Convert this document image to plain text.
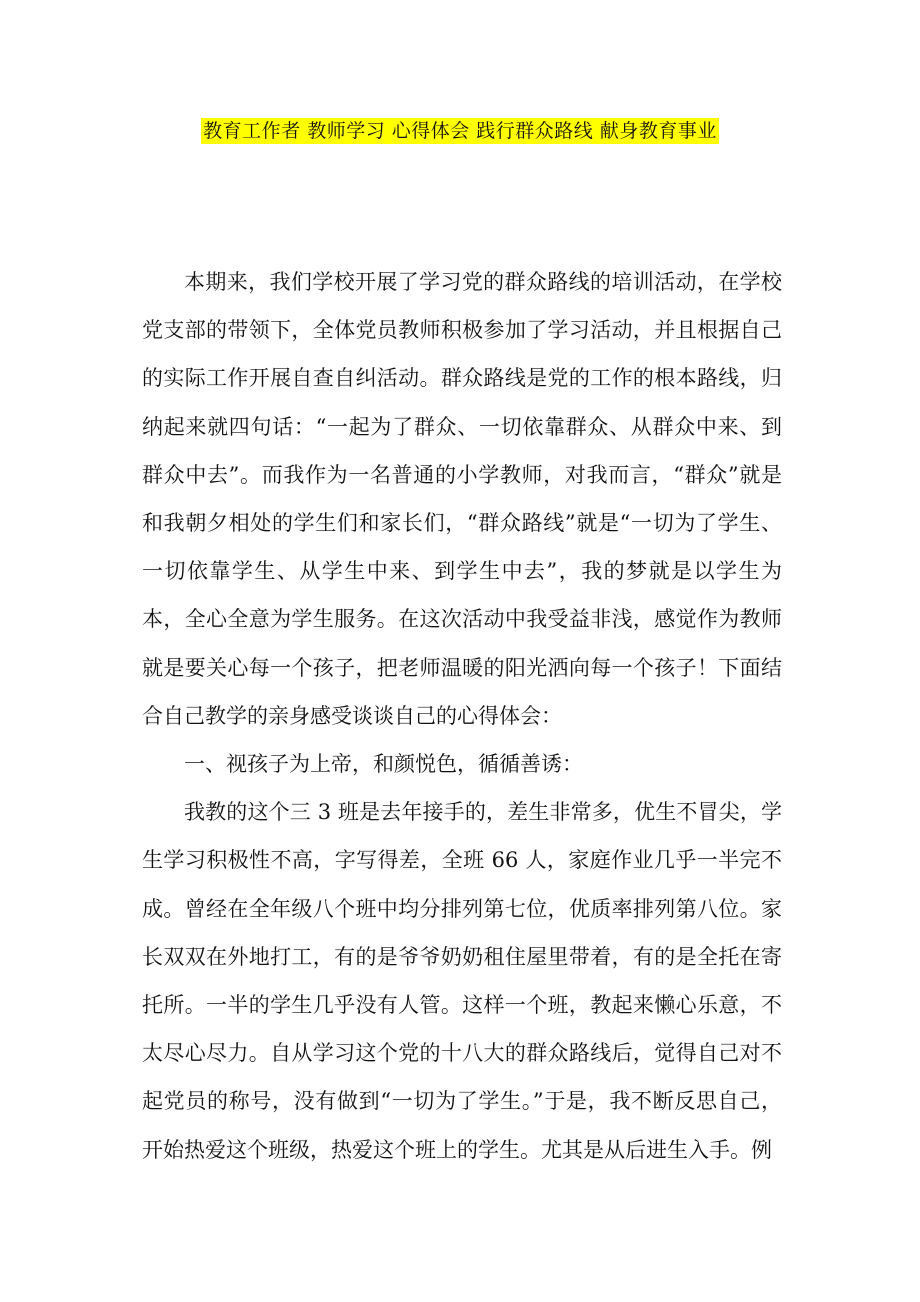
教育工作者 教师学习 心得体会 践行群众路线 献身教育事业

本期来，我们学校开展了学习党的群众路线的培训活动，在学校党支部的带领下，全体党员教师积极参加了学习活动，并且根据自己的实际工作开展自查自纠活动。群众路线是党的工作的根本路线，归纳起来就四句话：“一起为了群众、一切依靠群众、从群众中来、到群众中去”。而我作为一名普通的小学教师，对我而言，“群众”就是和我朝夕相处的学生们和家长们，“群众路线”就是“一切为了学生、一切依靠学生、从学生中来、到学生中去”，我的梦就是以学生为本，全心全意为学生服务。在这次活动中我受益非浅，感觉作为教师就是要关心每一个孩子，把老师温暖的阳光洒向每一个孩子！下面结合自己教学的亲身感受谈谈自己的心得体会：

一、视孩子为上帝，和颜悦色，循循善诱：

我教的这个三 3 班是去年接手的，差生非常多，优生不冒尖，学生学习积极性不高，字写得差，全班 66 人，家庭作业几乎一半完不成。曾经在全年级八个班中均分排列第七位，优质率排列第八位。家长双双在外地打工，有的是爷爷奶奶租住屋里带着，有的是全托在寄托所。一半的学生几乎没有人管。这样一个班，教起来懒心乐意，不太尽心尽力。自从学习这个党的十八大的群众路线后，觉得自己对不起党员的称号，没有做到“一切为了学生。”于是，我不断反思自己，开始热爱这个班级，热爱这个班上的学生。尤其是从后进生入手。例
